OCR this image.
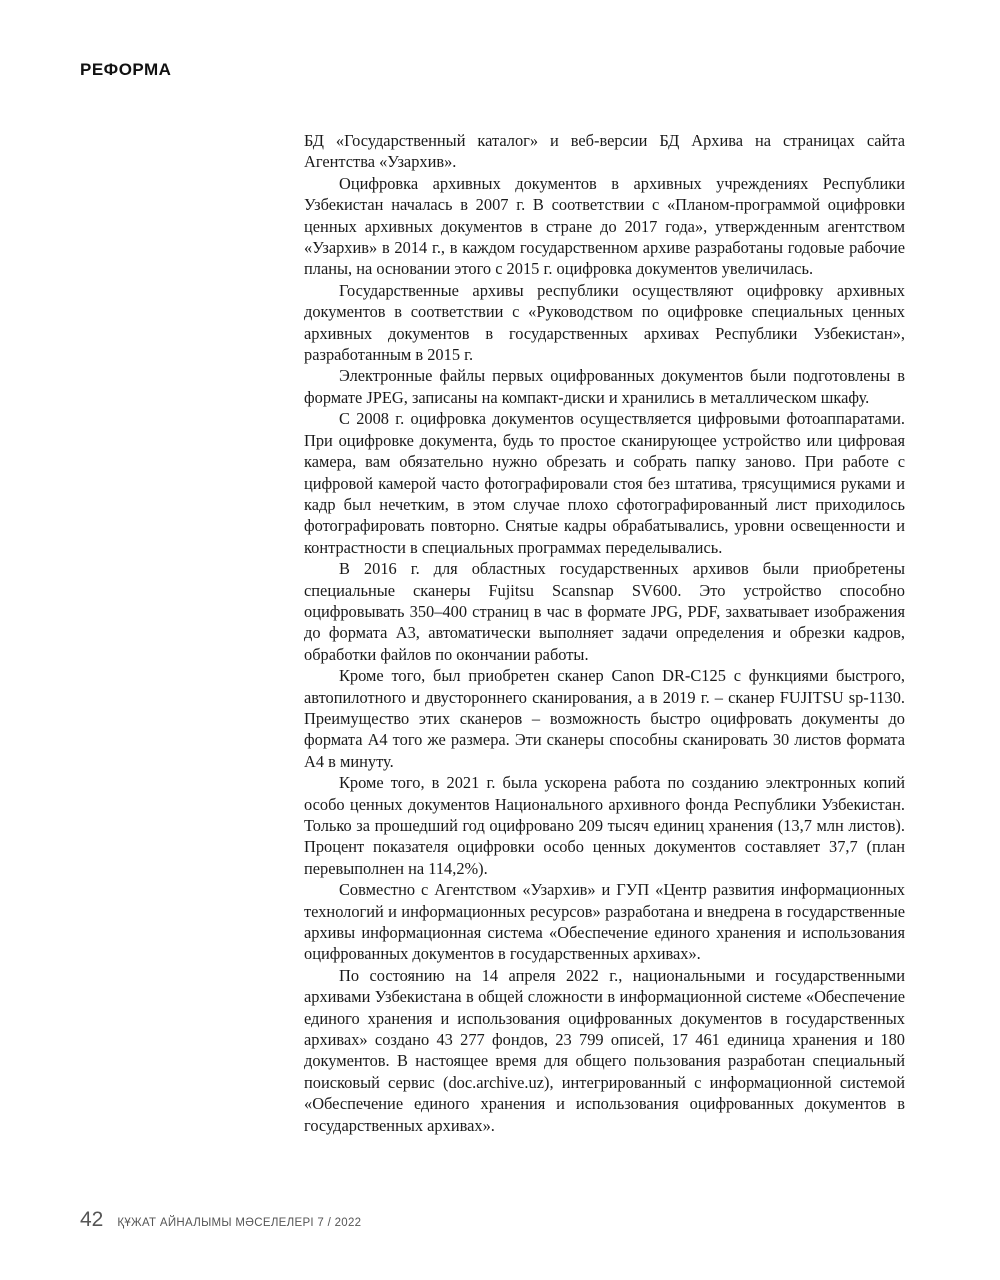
РЕФОРМА

БД «Государственный каталог» и веб-версии БД Архива на страницах сайта Агентства «Узархив».

Оцифровка архивных документов в архивных учреждениях Республики Узбекистан началась в 2007 г. В соответствии с «Планом-программой оцифровки ценных архивных документов в стране до 2017 года», утвержденным агентством «Узархив» в 2014 г., в каждом государственном архиве разработаны годовые рабочие планы, на основании этого с 2015 г. оцифровка документов увеличилась.

Государственные архивы республики осуществляют оцифровку архивных документов в соответствии с «Руководством по оцифровке специальных ценных архивных документов в государственных архивах Республики Узбекистан», разработанным в 2015 г.

Электронные файлы первых оцифрованных документов были подготовлены в формате JPEG, записаны на компакт-диски и хранились в металлическом шкафу.

С 2008 г. оцифровка документов осуществляется цифровыми фотоаппаратами. При оцифровке документа, будь то простое сканирующее устройство или цифровая камера, вам обязательно нужно обрезать и собрать папку заново. При работе с цифровой камерой часто фотографировали стоя без штатива, трясущимися руками и кадр был нечетким, в этом случае плохо сфотографированный лист приходилось фотографировать повторно. Снятые кадры обрабатывались, уровни освещенности и контрастности в специальных программах переделывались.

В 2016 г. для областных государственных архивов были приобретены специальные сканеры Fujitsu Scansnap SV600. Это устройство способно оцифровывать 350–400 страниц в час в формате JPG, PDF, захватывает изображения до формата А3, автоматически выполняет задачи определения и обрезки кадров, обработки файлов по окончании работы.

Кроме того, был приобретен сканер Canon DR-C125 с функциями быстрого, автопилотного и двустороннего сканирования, а в 2019 г. – сканер FUJITSU sp-1130. Преимущество этих сканеров – возможность быстро оцифровать документы до формата А4 того же размера. Эти сканеры способны сканировать 30 листов формата А4 в минуту.

Кроме того, в 2021 г. была ускорена работа по созданию электронных копий особо ценных документов Национального архивного фонда Республики Узбекистан. Только за прошедший год оцифровано 209 тысяч единиц хранения (13,7 млн листов). Процент показателя оцифровки особо ценных документов составляет 37,7 (план перевыполнен на 114,2%).

Совместно с Агентством «Узархив» и ГУП «Центр развития информационных технологий и информационных ресурсов» разработана и внедрена в государственные архивы информационная система «Обеспечение единого хранения и использования оцифрованных документов в государственных архивах».

По состоянию на 14 апреля 2022 г., национальными и государственными архивами Узбекистана в общей сложности в информационной системе «Обеспечение единого хранения и использования оцифрованных документов в государственных архивах» создано 43 277 фондов, 23 799 описей, 17 461 единица хранения и 180 документов. В настоящее время для общего пользования разработан специальный поисковый сервис (doc.archive.uz), интегрированный с информационной системой «Обеспечение единого хранения и использования оцифрованных документов в государственных архивах».

42 ҚҰЖАТ АЙНАЛЫМЫ МӘСЕЛЕЛЕРІ 7 / 2022
